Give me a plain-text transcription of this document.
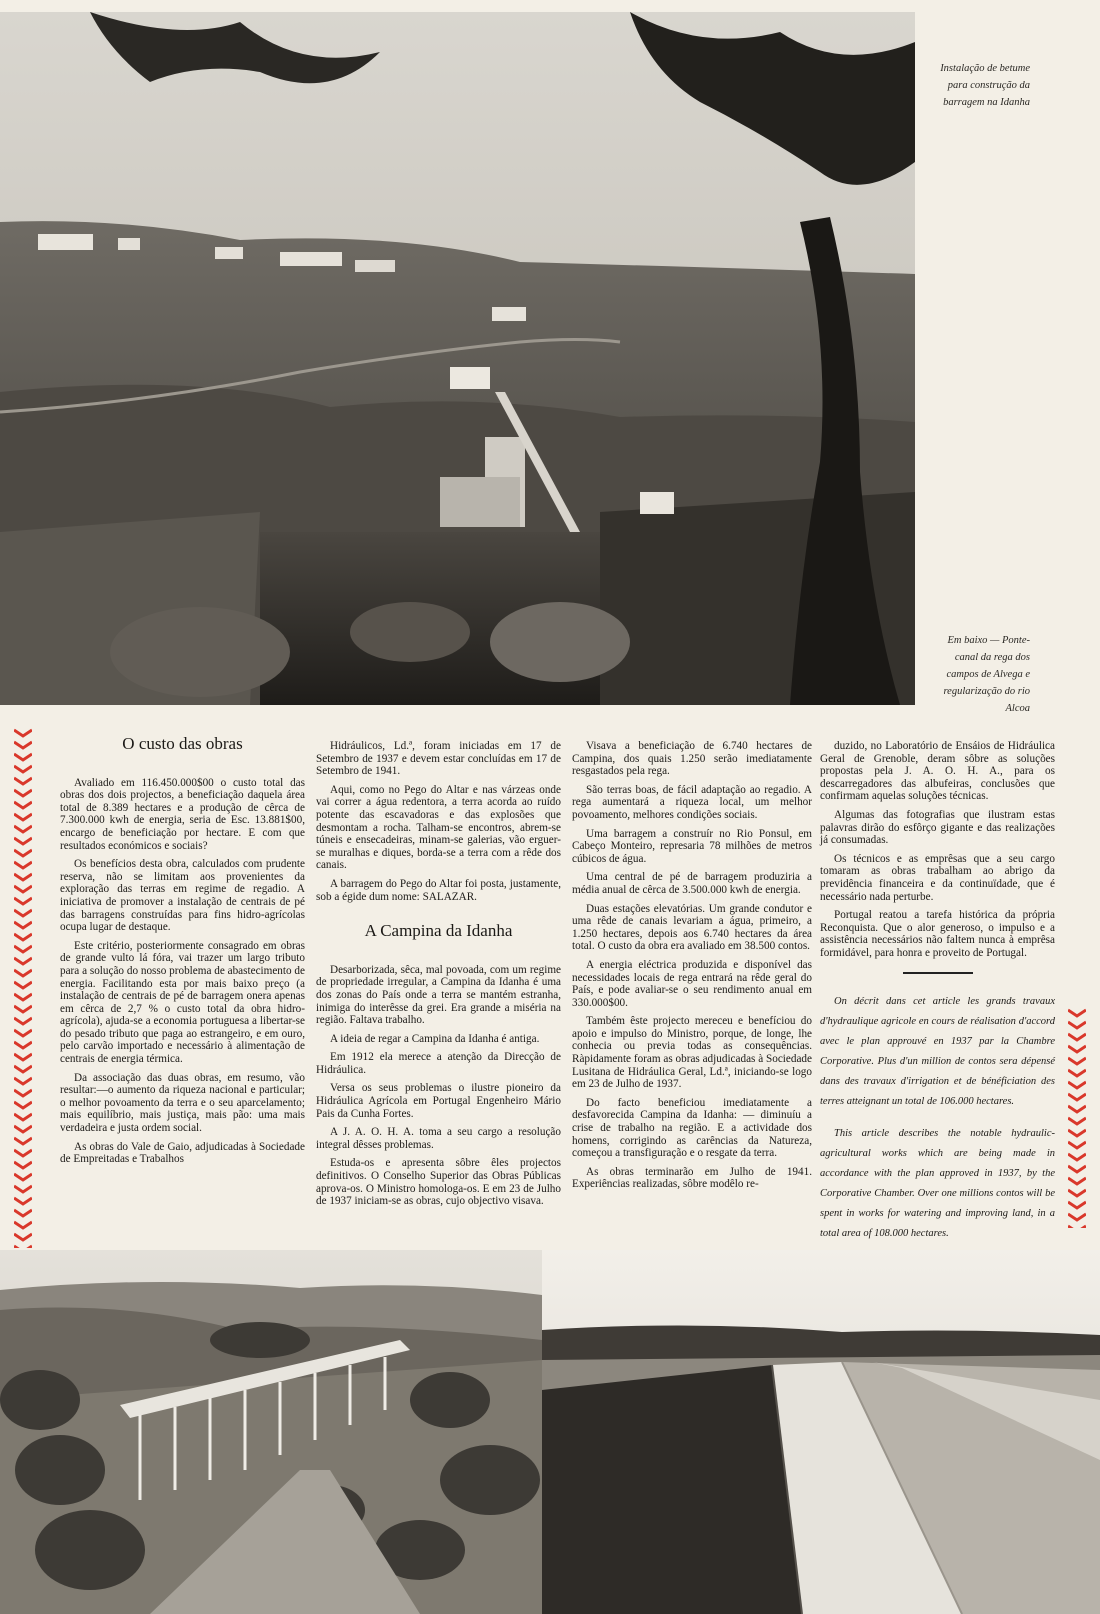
Instalação de betume para construção da barragem na Idanha
Em baixo — Ponte-canal da rega dos campos de Alvega e regularização do rio Alcoa
O custo das obras

Avaliado em 116.450.000$00 o custo total das obras dos dois projectos, a beneficiação daquela área total de 8.389 hectares e a produção de cêrca de 7.300.000 kwh de energia, seria de Esc. 13.881$00, encargo de beneficiação por hectare. E com que resultados económicos e sociais?

Os benefícios desta obra, calculados com prudente reserva, não se limitam aos provenientes da exploração das terras em regime de regadio. A iniciativa de promover a instalação de centrais de pé das barragens construídas para fins hidro-agrícolas ocupa lugar de destaque.

Este critério, posteriormente consagrado em obras de grande vulto lá fóra, vai trazer um largo tributo para a solução do nosso problema de abastecimento de energia. Facilitando esta por mais baixo preço (a instalação de centrais de pé de barragem onera apenas em cêrca de 2,7 % o custo total da obra hidro-agrícola), ajuda-se a economia portuguesa a libertar-se do pesado tributo que paga ao estrangeiro, e em ouro, pelo carvão importado e necessário à alimentação de centrais de energia térmica.

Da associação das duas obras, em resumo, vão resultar:—o aumento da riqueza nacional e particular; o melhor povoamento da terra e o seu aparcelamento; mais equilíbrio, mais justiça, mais pão: uma mais verdadeira e justa ordem social.

As obras do Vale de Gaio, adjudicadas à Sociedade de Empreitadas e Trabalhos

Hidráulicos, Ld.ª, foram iniciadas em 17 de Setembro de 1937 e devem estar concluídas em 17 de Setembro de 1941.

Aqui, como no Pego do Altar e nas várzeas onde vai correr a água redentora, a terra acorda ao ruído potente das escavadoras e das explosões que desmontam a rocha. Talham-se encontros, abrem-se túneis e ensecadeiras, minam-se galerias, vão erguer-se muralhas e diques, borda-se a terra com a rêde dos canais.

A barragem do Pego do Altar foi posta, justamente, sob a égide dum nome: SALAZAR.

A Campina da Idanha

Desarborizada, sêca, mal povoada, com um regime de propriedade irregular, a Campina da Idanha é uma dos zonas do País onde a terra se mantém estranha, inimiga do interêsse da grei. Era grande a miséria na região. Faltava trabalho.

A ideia de regar a Campina da Idanha é antiga.

Em 1912 ela merece a atenção da Direcção de Hidráulica.

Versa os seus problemas o ilustre pioneiro da Hidráulica Agrícola em Portugal Engenheiro Mário Pais da Cunha Fortes.

A J. A. O. H. A. toma a seu cargo a resolução integral dêsses problemas.

Estuda-os e apresenta sôbre êles projectos definitivos. O Conselho Superior das Obras Públicas aprova-os. O Ministro homologa-os. E em 23 de Julho de 1937 iniciam-se as obras, cujo objectivo visava.

Visava a beneficiação de 6.740 hectares de Campina, dos quais 1.250 serão imediatamente resgastados pela rega.

São terras boas, de fácil adaptação ao regadio. A rega aumentará a riqueza local, um melhor povoamento, melhores condições sociais.

Uma barragem a construír no Rio Ponsul, em Cabeço Monteiro, represaria 78 milhões de metros cúbicos de água.

Uma central de pé de barragem produziria a média anual de cêrca de 3.500.000 kwh de energia.

Duas estações elevatórias. Um grande condutor e uma rêde de canais levariam a água, primeiro, a 1.250 hectares, depois aos 6.740 hectares da área total. O custo da obra era avaliado em 38.500 contos.

A energia eléctrica produzida e disponível das necessidades locais de rega entrará na rêde geral do País, e pode avaliar-se o seu rendimento anual em 330.000$00.

Também êste projecto mereceu e benefíciou do apoio e impulso do Ministro, porque, de longe, lhe conhecia ou previa todas as consequências. Ràpidamente foram as obras adjudicadas à Sociedade Lusitana de Hidráulica Geral, Ld.ª, iniciando-se logo em 23 de Julho de 1937.

Do facto beneficiou imediatamente a desfavorecida Campina da Idanha: — diminuíu a crise de trabalho na região. E a actividade dos homens, corrigindo as carências da Natureza, começou a transfiguração e o resgate da terra.

As obras terminarão em Julho de 1941. Experiências realizadas, sôbre modêlo re-

duzido, no Laboratório de Ensáios de Hidráulica Geral de Grenoble, deram sôbre as soluções propostas pela J. A. O. H. A., para os descarregadores das albufeiras, conclusões que confirmam aquelas soluções técnicas.

Algumas das fotografias que ilustram estas palavras dirão do esfôrço gigante e das realizações já consumadas.

Os técnicos e as emprêsas que a seu cargo tomaram as obras trabalham ao abrigo da previdência financeira e da continuïdade, que é necessário nada perturbe.

Portugal reatou a tarefa histórica da própria Reconquista. Que o alor generoso, o impulso e a assistência necessários não faltem nunca à emprêsa formidável, para honra e proveito de Portugal.

On décrit dans cet article les grands travaux d'hydraulique agricole en cours de réalisation d'accord avec le plan approuvé en 1937 par la Chambre Corporative. Plus d'un million de contos sera dépensé dans des travaux d'irrigation et de bénéficiation des terres atteignant un total de 106.000 hectares.

This article describes the notable hydraulic-agricultural works which are being made in accordance with the plan approved in 1937, by the Corporative Chamber. Over one millions contos will be spent in works for watering and improving land, in a total area of 108.000 hectares.
